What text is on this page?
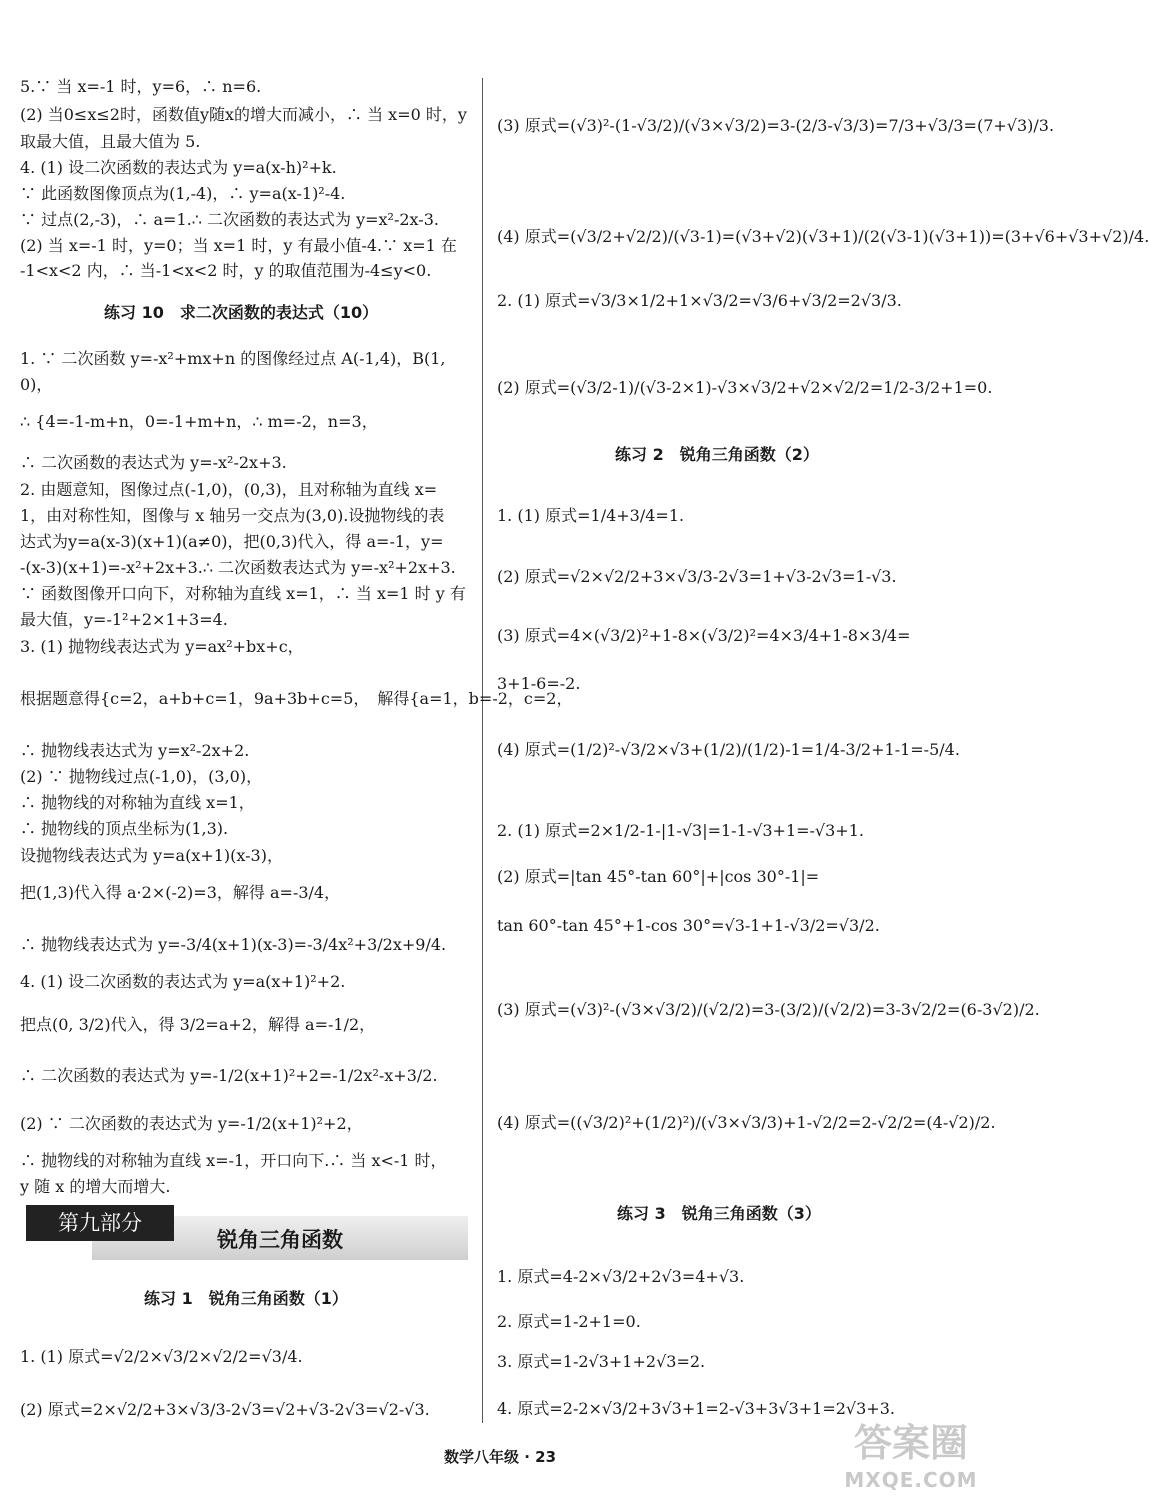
5.∵ 当 x=-1 时，y=6，∴ n=6.
(2) 当0≤x≤2时，函数值y随x的增大而减小，∴ 当 x=0 时，y
取最大值，且最大值为 5.
4. (1) 设二次函数的表达式为 y=a(x-h)²+k.
∵ 此函数图像顶点为(1,-4)，∴ y=a(x-1)²-4.
∵ 过点(2,-3)，∴ a=1.∴ 二次函数的表达式为 y=x²-2x-3.
(2) 当 x=-1 时，y=0；当 x=1 时，y 有最小值-4.∵ x=1 在
-1<x<2 内，∴ 当-1<x<2 时，y 的取值范围为-4≤y<0.
练习 10　求二次函数的表达式（10）
1. ∵ 二次函数 y=-x²+mx+n 的图像经过点 A(-1,4)，B(1,
0)，
∴ {4=-1-m+n，0=-1+m+n，∴ m=-2，n=3，
∴ 二次函数的表达式为 y=-x²-2x+3.
2. 由题意知，图像过点(-1,0)，(0,3)，且对称轴为直线 x=
1，由对称性知，图像与 x 轴另一交点为(3,0).设抛物线的表
达式为y=a(x-3)(x+1)(a≠0)，把(0,3)代入，得 a=-1，y=
-(x-3)(x+1)=-x²+2x+3.∴ 二次函数表达式为 y=-x²+2x+3.
∵ 函数图像开口向下，对称轴为直线 x=1，∴ 当 x=1 时 y 有
最大值，y=-1²+2×1+3=4.
3. (1) 抛物线表达式为 y=ax²+bx+c，
根据题意得{c=2，a+b+c=1，9a+3b+c=5，　解得{a=1，b=-2，c=2，
∴ 抛物线表达式为 y=x²-2x+2.
(2) ∵ 抛物线过点(-1,0)，(3,0)，
∴ 抛物线的对称轴为直线 x=1，
∴ 抛物线的顶点坐标为(1,3).
设抛物线表达式为 y=a(x+1)(x-3)，
把(1,3)代入得 a·2×(-2)=3，解得 a=-3/4，
∴ 抛物线表达式为 y=-3/4(x+1)(x-3)=-3/4x²+3/2x+9/4.
4. (1) 设二次函数的表达式为 y=a(x+1)²+2.
把点(0, 3/2)代入，得 3/2=a+2，解得 a=-1/2，
∴ 二次函数的表达式为 y=-1/2(x+1)²+2=-1/2x²-x+3/2.
(2) ∵ 二次函数的表达式为 y=-1/2(x+1)²+2，
∴ 抛物线的对称轴为直线 x=-1，开口向下.∴ 当 x<-1 时，
y 随 x 的增大而增大.
练习 1　锐角三角函数（1）
1. (1) 原式=√2/2×√3/2×√2/2=√3/4.
(2) 原式=2×√2/2+3×√3/3-2√3=√2+√3-2√3=√2-√3.
第九部分
锐角三角函数
(3) 原式=(√3)²-(1-√3/2)/(√3×√3/2)=3-(2/3-√3/3)=7/3+√3/3=(7+√3)/3.
(4) 原式=(√3/2+√2/2)/(√3-1)=(√3+√2)(√3+1)/(2(√3-1)(√3+1))=(3+√6+√3+√2)/4.
2. (1) 原式=√3/3×1/2+1×√3/2=√3/6+√3/2=2√3/3.
(2) 原式=(√3/2-1)/(√3-2×1)-√3×√3/2+√2×√2/2=1/2-3/2+1=0.
练习 2　锐角三角函数（2）
1. (1) 原式=1/4+3/4=1.
(2) 原式=√2×√2/2+3×√3/3-2√3=1+√3-2√3=1-√3.
(3) 原式=4×(√3/2)²+1-8×(√3/2)²=4×3/4+1-8×3/4=
3+1-6=-2.
(4) 原式=(1/2)²-√3/2×√3+(1/2)/(1/2)-1=1/4-3/2+1-1=-5/4.
2. (1) 原式=2×1/2-1-|1-√3|=1-1-√3+1=-√3+1.
(2) 原式=|tan 45°-tan 60°|+|cos 30°-1|=
tan 60°-tan 45°+1-cos 30°=√3-1+1-√3/2=√3/2.
(3) 原式=(√3)²-(√3×√3/2)/(√2/2)=3-(3/2)/(√2/2)=3-3√2/2=(6-3√2)/2.
(4) 原式=((√3/2)²+(1/2)²)/(√3×√3/3)+1-√2/2=2-√2/2=(4-√2)/2.
练习 3　锐角三角函数（3）
1. 原式=4-2×√3/2+2√3=4+√3.
2. 原式=1-2+1=0.
3. 原式=1-2√3+1+2√3=2.
4. 原式=2-2×√3/2+3√3+1=2-√3+3√3+1=2√3+3.
数学八年级 · 23	答案圈
MXQE.COM
